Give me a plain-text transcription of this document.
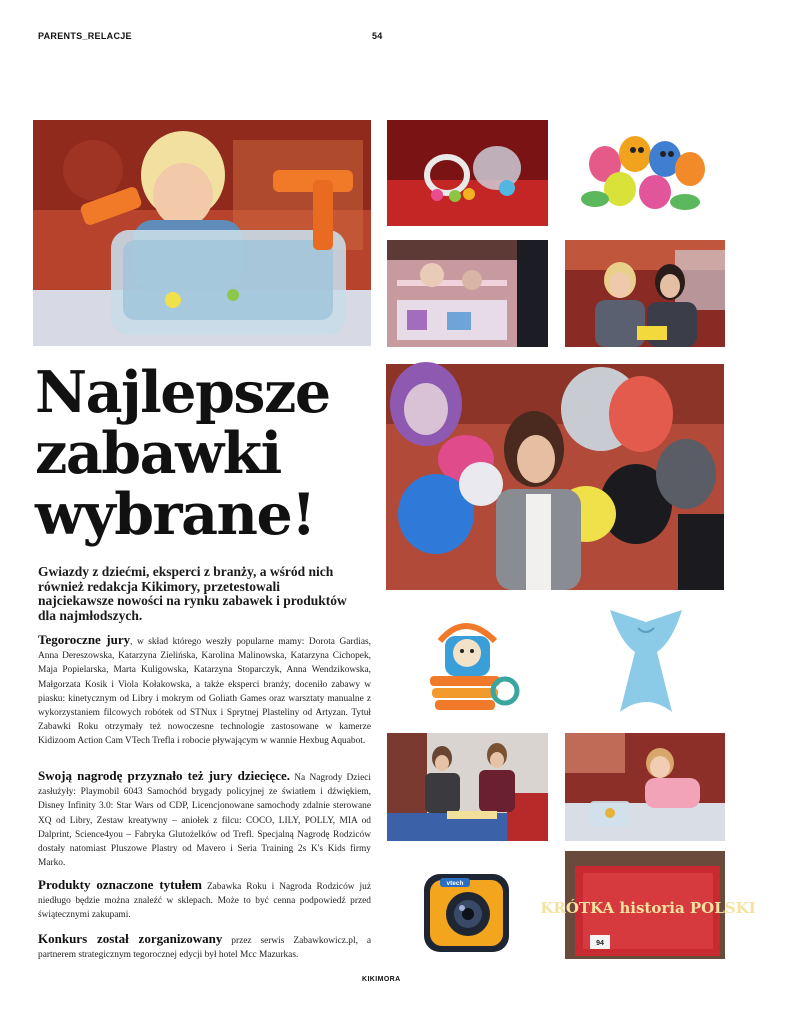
PARENTS_RELACJE	54
KIKIMORA
vtech
KRÓTKA historia POLSKI
94
Najlepsze zabawki wybrane!

Gwiazdy z dziećmi, eksperci z branży, a wśród nich również redakcja Kikimory, przetestowali najciekawsze nowości na rynku zabawek i produktów dla najmłodszych.

Tegoroczne jury, w skład którego weszły popularne mamy: Dorota Gardias, Anna Dereszowska, Katarzyna Zielińska, Karolina Malinowska, Katarzyna Cichopek, Maja Popielarska, Marta Kuligowska, Katarzyna Stoparczyk, Anna Wendzikowska, Małgorzata Kosik i Viola Kołakowska, a także eksperci branży, doceniło zabawy w piasku: kinetycznym od Libry i mokrym od Goliath Games oraz warsztaty manualne z wykorzystaniem filcowych robótek od STNux i Sprytnej Plasteliny od Artyzan. Tytuł Zabawki Roku otrzymały też nowoczesne technologie zastosowane w kamerze Kidizoom Action Cam VTech Trefla i robocie pływającym w wannie Hexbug Aquabot.

Swoją nagrodę przyznało też jury dziecięce. Na Nagrody Dzieci zasłużyły: Playmobil 6043 Samochód brygady policyjnej ze światłem i dźwiękiem, Disney Infinity 3.0: Star Wars od CDP, Licencjonowane samochody zdalnie sterowane XQ od Libry, Zestaw kreatywny – aniołek z filcu: COCO, LILY, POLLY, MIA od Dalprint, Science4you – Fabryka Glutożelków od Trefl. Specjalną Nagrodę Rodziców dostały natomiast Pluszowe Plastry od Mavero i Seria Training 2s K's Kids firmy Marko.

Produkty oznaczone tytułem Zabawka Roku i Nagroda Rodziców już niedługo będzie można znaleźć w sklepach. Może to być cenna podpowiedź przed świątecznymi zakupami.

Konkurs został zorganizowany przez serwis Zabawkowicz.pl, a partnerem strategicznym tegorocznej edycji był hotel Mcc Mazurkas.
